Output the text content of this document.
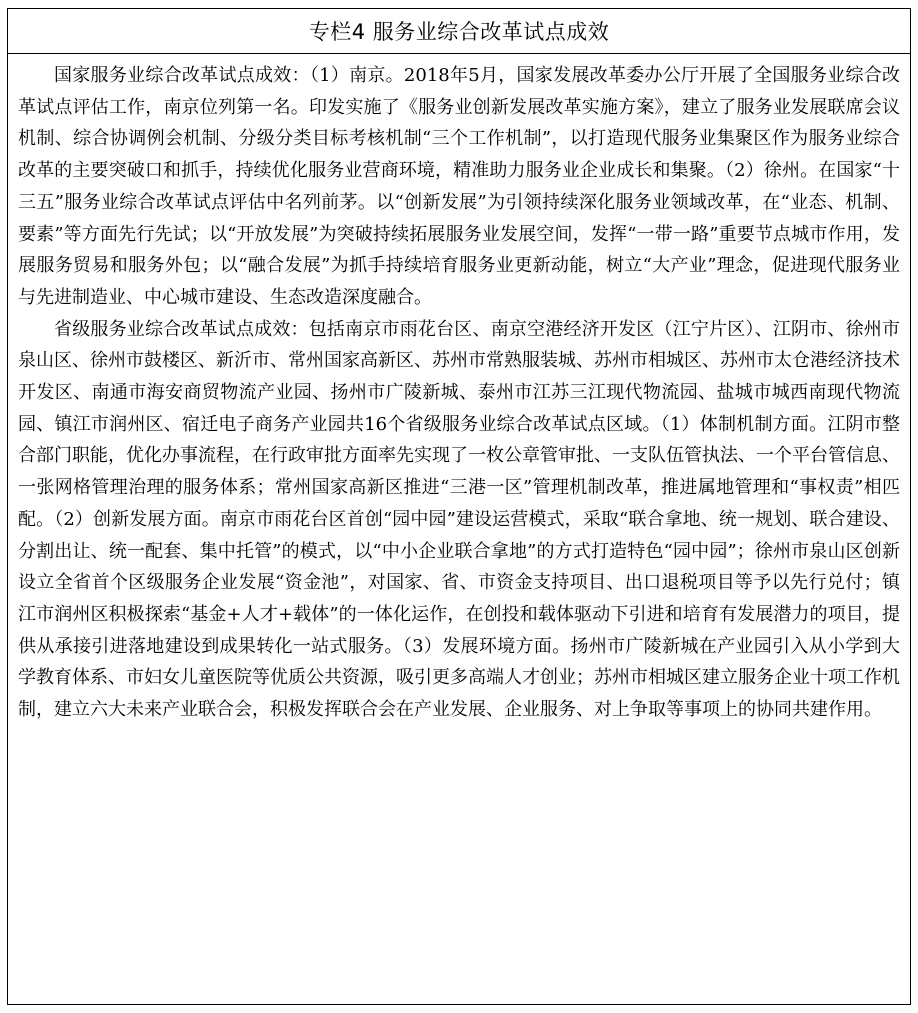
专栏4 服务业综合改革试点成效

国家服务业综合改革试点成效：（1）南京。2018年5月，国家发展改革委办公厅开展了全国服务业综合改革试点评估工作，南京位列第一名。印发实施了《服务业创新发展改革实施方案》，建立了服务业发展联席会议机制、综合协调例会机制、分级分类目标考核机制“三个工作机制”，以打造现代服务业集聚区作为服务业综合改革的主要突破口和抓手，持续优化服务业营商环境，精准助力服务业企业成长和集聚。（2）徐州。在国家“十三五”服务业综合改革试点评估中名列前茅。以“创新发展”为引领持续深化服务业领域改革，在“业态、机制、要素”等方面先行先试；以“开放发展”为突破持续拓展服务业发展空间，发挥“一带一路”重要节点城市作用，发展服务贸易和服务外包；以“融合发展”为抓手持续培育服务业更新动能，树立“大产业”理念，促进现代服务业与先进制造业、中心城市建设、生态改造深度融合。

省级服务业综合改革试点成效：包括南京市雨花台区、南京空港经济开发区（江宁片区）、江阴市、徐州市泉山区、徐州市鼓楼区、新沂市、常州国家高新区、苏州市常熟服装城、苏州市相城区、苏州市太仓港经济技术开发区、南通市海安商贸物流产业园、扬州市广陵新城、泰州市江苏三江现代物流园、盐城市城西南现代物流园、镇江市润州区、宿迁电子商务产业园共16个省级服务业综合改革试点区域。（1）体制机制方面。江阴市整合部门职能，优化办事流程，在行政审批方面率先实现了一枚公章管审批、一支队伍管执法、一个平台管信息、一张网格管理治理的服务体系；常州国家高新区推进“三港一区”管理机制改革，推进属地管理和“事权责”相匹配。（2）创新发展方面。南京市雨花台区首创“园中园”建设运营模式，采取“联合拿地、统一规划、联合建设、分割出让、统一配套、集中托管”的模式，以“中小企业联合拿地”的方式打造特色“园中园”；徐州市泉山区创新设立全省首个区级服务企业发展“资金池”，对国家、省、市资金支持项目、出口退税项目等予以先行兑付；镇江市润州区积极探索“基金+人才+载体”的一体化运作，在创投和载体驱动下引进和培育有发展潜力的项目，提供从承接引进落地建设到成果转化一站式服务。（3）发展环境方面。扬州市广陵新城在产业园引入从小学到大学教育体系、市妇女儿童医院等优质公共资源，吸引更多高端人才创业；苏州市相城区建立服务企业十项工作机制，建立六大未来产业联合会，积极发挥联合会在产业发展、企业服务、对上争取等事项上的协同共建作用。
